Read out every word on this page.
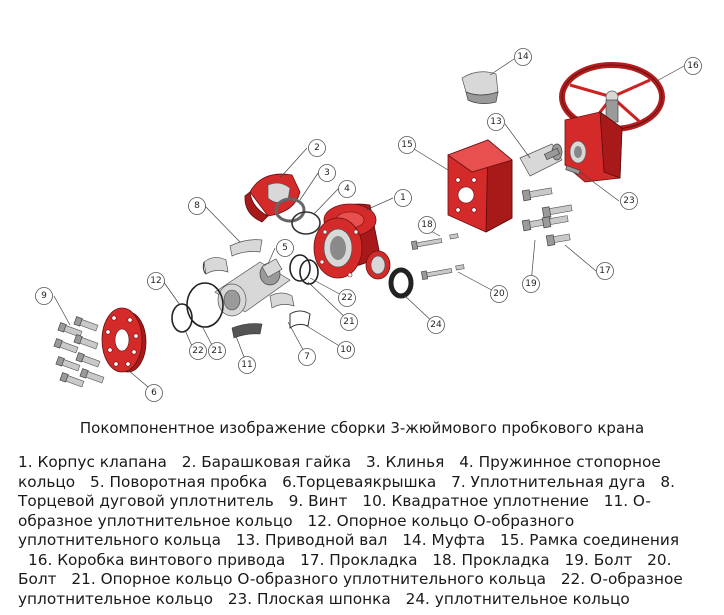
1
2
3
4
5
6
7
8
9
10
11
12
13
14
15
16
17
18
19
20
21
22
23
24
22 21
Покомпонентное изображение сборки 3-жюймового пробкового крана
1. Корпус клапана 2. Барашковая гайка 3. Клинья 4. Пружинное стопорное кольцо 5. Поворотная пробка 6.Торцеваякрышка 7. Уплотнительная дуга 8. Торцевой дуговой уплотнитель 9. Винт 10. Квадратное уплотнение 11. O-образное уплотнительное кольцо 12. Опорное кольцо O-образного уплотнительного кольца 13. Приводной вал 14. Муфта 15. Рамка соединения 16. Коробка винтового привода 17. Прокладка 18. Прокладка 19. Болт 20. Болт 21. Опорное кольцо O-образного уплотнительного кольца 22. O-образное уплотнительное кольцо 23. Плоская шпонка 24. уплотнительное кольцо
